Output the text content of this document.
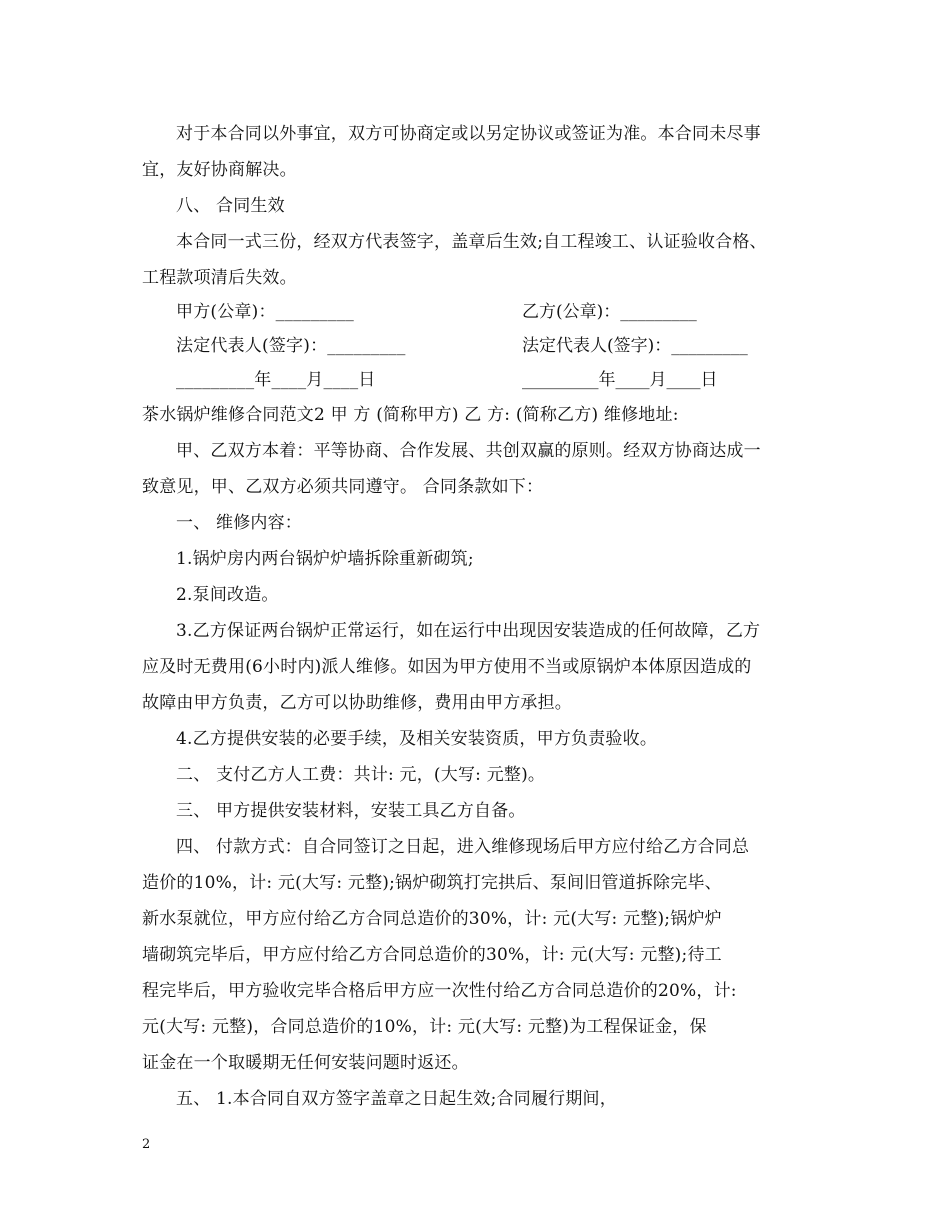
对于本合同以外事宜，双方可协商定或以另定协议或签证为准。本合同未尽事
宜，友好协商解决。
八、 合同生效
本合同一式三份，经双方代表签字，盖章后生效;自工程竣工、认证验收合格、
工程款项清后失效。
甲方(公章)：_________	乙方(公章)：_________
法定代表人(签字)：_________	法定代表人(签字)：_________
_________年____月____日	_________年____月____日
茶水锅炉维修合同范文2 甲 方 (简称甲方) 乙 方: (简称乙方) 维修地址:
甲、乙双方本着：平等协商、合作发展、共创双赢的原则。经双方协商达成一
致意见，甲、乙双方必须共同遵守。 合同条款如下：
一、 维修内容：
1.锅炉房内两台锅炉炉墙拆除重新砌筑;
2.泵间改造。
3.乙方保证两台锅炉正常运行，如在运行中出现因安装造成的任何故障，乙方
应及时无费用(6小时内)派人维修。如因为甲方使用不当或原锅炉本体原因造成的
故障由甲方负责，乙方可以协助维修，费用由甲方承担。
4.乙方提供安装的必要手续，及相关安装资质，甲方负责验收。
二、 支付乙方人工费：共计: 元，(大写: 元整)。
三、 甲方提供安装材料，安装工具乙方自备。
四、 付款方式：自合同签订之日起，进入维修现场后甲方应付给乙方合同总
造价的10%，计: 元(大写: 元整);锅炉砌筑打完拱后、泵间旧管道拆除完毕、
新水泵就位，甲方应付给乙方合同总造价的30%，计: 元(大写: 元整);锅炉炉
墙砌筑完毕后，甲方应付给乙方合同总造价的30%，计: 元(大写: 元整);待工
程完毕后，甲方验收完毕合格后甲方应一次性付给乙方合同总造价的20%，计:
元(大写: 元整)，合同总造价的10%，计: 元(大写: 元整)为工程保证金，保
证金在一个取暖期无任何安装问题时返还。
五、 1.本合同自双方签字盖章之日起生效;合同履行期间，
2
